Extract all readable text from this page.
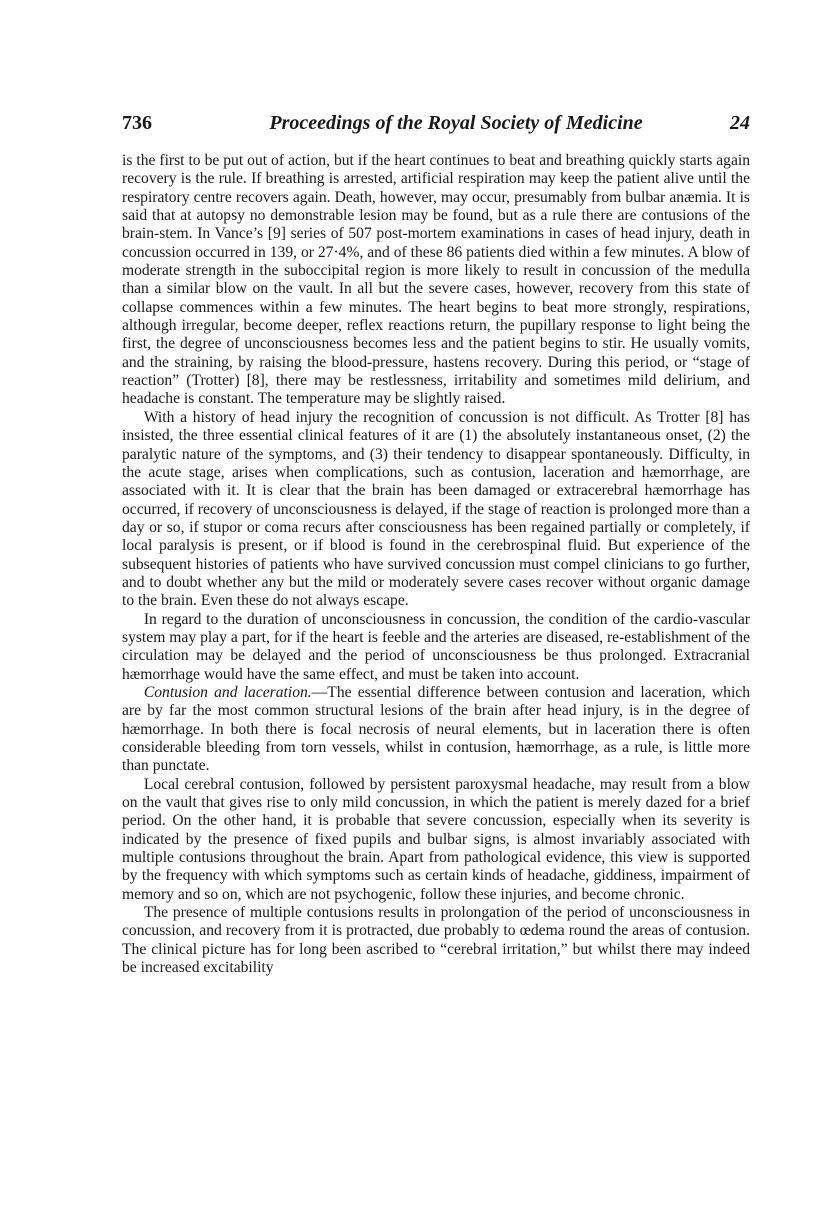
736	Proceedings of the Royal Society of Medicine	24

is the first to be put out of action, but if the heart continues to beat and breathing quickly starts again recovery is the rule. If breathing is arrested, artificial respiration may keep the patient alive until the respiratory centre recovers again. Death, however, may occur, presumably from bulbar anæmia. It is said that at autopsy no demonstrable lesion may be found, but as a rule there are contusions of the brain-stem. In Vance’s [9] series of 507 post-mortem examinations in cases of head injury, death in concussion occurred in 139, or 27·4%, and of these 86 patients died within a few minutes. A blow of moderate strength in the suboccipital region is more likely to result in concussion of the medulla than a similar blow on the vault. In all but the severe cases, however, recovery from this state of collapse commences within a few minutes. The heart begins to beat more strongly, respirations, although irregular, become deeper, reflex reactions return, the pupillary response to light being the first, the degree of unconsciousness becomes less and the patient begins to stir. He usually vomits, and the straining, by raising the blood-pressure, hastens recovery. During this period, or “stage of reaction” (Trotter) [8], there may be restlessness, irritability and sometimes mild delirium, and headache is constant. The temperature may be slightly raised.

With a history of head injury the recognition of concussion is not difficult. As Trotter [8] has insisted, the three essential clinical features of it are (1) the absolutely instantaneous onset, (2) the paralytic nature of the symptoms, and (3) their tendency to disappear spontaneously. Difficulty, in the acute stage, arises when complications, such as contusion, laceration and hæmorrhage, are associated with it. It is clear that the brain has been damaged or extracerebral hæmorrhage has occurred, if recovery of unconsciousness is delayed, if the stage of reaction is prolonged more than a day or so, if stupor or coma recurs after consciousness has been regained partially or completely, if local paralysis is present, or if blood is found in the cerebrospinal fluid. But experience of the subsequent histories of patients who have survived concussion must compel clinicians to go further, and to doubt whether any but the mild or moderately severe cases recover without organic damage to the brain. Even these do not always escape.

In regard to the duration of unconsciousness in concussion, the condition of the cardio-vascular system may play a part, for if the heart is feeble and the arteries are diseased, re-establishment of the circulation may be delayed and the period of unconsciousness be thus prolonged. Extracranial hæmorrhage would have the same effect, and must be taken into account.

Contusion and laceration.—The essential difference between contusion and laceration, which are by far the most common structural lesions of the brain after head injury, is in the degree of hæmorrhage. In both there is focal necrosis of neural elements, but in laceration there is often considerable bleeding from torn vessels, whilst in contusion, hæmorrhage, as a rule, is little more than punctate.

Local cerebral contusion, followed by persistent paroxysmal headache, may result from a blow on the vault that gives rise to only mild concussion, in which the patient is merely dazed for a brief period. On the other hand, it is probable that severe concussion, especially when its severity is indicated by the presence of fixed pupils and bulbar signs, is almost invariably associated with multiple contusions throughout the brain. Apart from pathological evidence, this view is supported by the frequency with which symptoms such as certain kinds of headache, giddiness, impairment of memory and so on, which are not psychogenic, follow these injuries, and become chronic.

The presence of multiple contusions results in prolongation of the period of unconsciousness in concussion, and recovery from it is protracted, due probably to œdema round the areas of contusion. The clinical picture has for long been ascribed to “cerebral irritation,” but whilst there may indeed be increased excitability
